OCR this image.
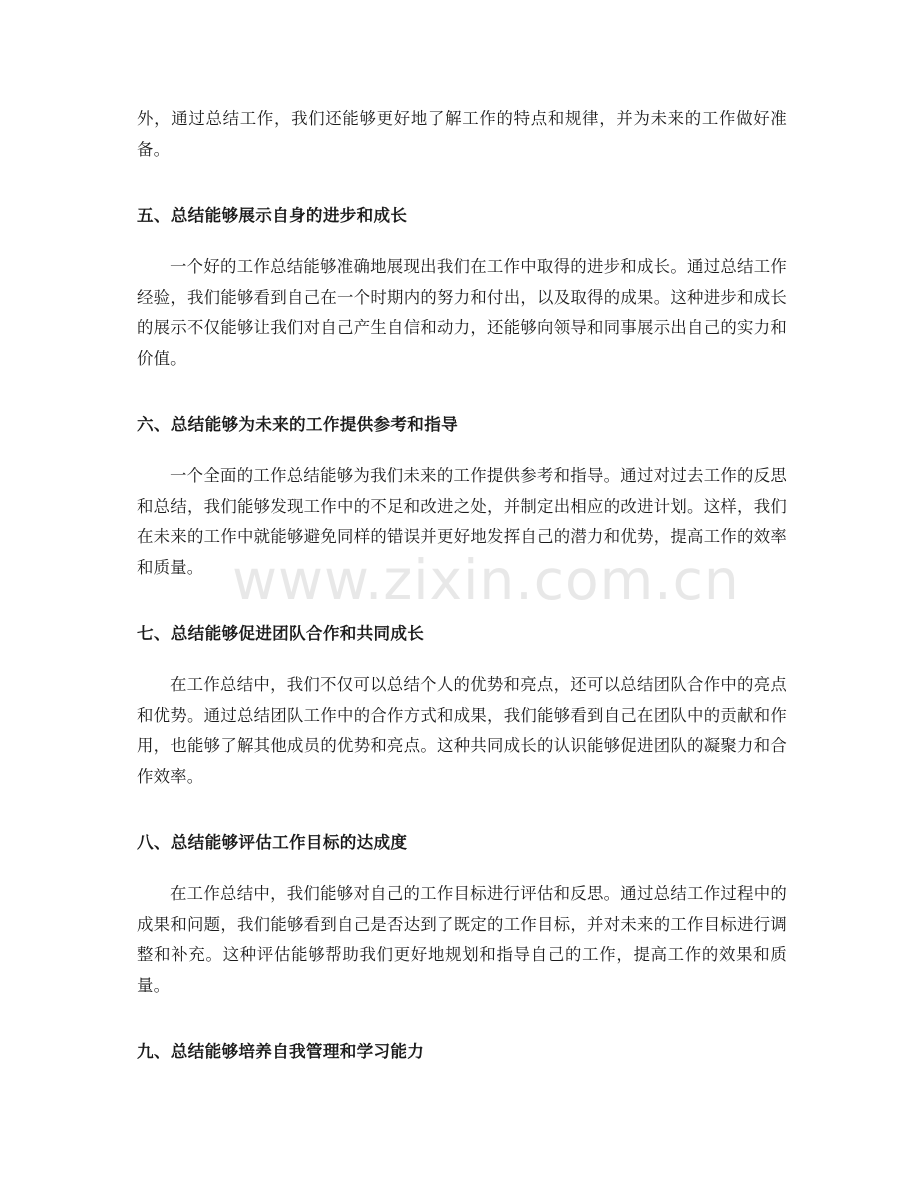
外，通过总结工作，我们还能够更好地了解工作的特点和规律，并为未来的工作做好准备。

五、总结能够展示自身的进步和成长

一个好的工作总结能够准确地展现出我们在工作中取得的进步和成长。通过总结工作经验，我们能够看到自己在一个时期内的努力和付出，以及取得的成果。这种进步和成长的展示不仅能够让我们对自己产生自信和动力，还能够向领导和同事展示出自己的实力和价值。

六、总结能够为未来的工作提供参考和指导

一个全面的工作总结能够为我们未来的工作提供参考和指导。通过对过去工作的反思和总结，我们能够发现工作中的不足和改进之处，并制定出相应的改进计划。这样，我们在未来的工作中就能够避免同样的错误并更好地发挥自己的潜力和优势，提高工作的效率和质量。

七、总结能够促进团队合作和共同成长

在工作总结中，我们不仅可以总结个人的优势和亮点，还可以总结团队合作中的亮点和优势。通过总结团队工作中的合作方式和成果，我们能够看到自己在团队中的贡献和作用，也能够了解其他成员的优势和亮点。这种共同成长的认识能够促进团队的凝聚力和合作效率。

八、总结能够评估工作目标的达成度

在工作总结中，我们能够对自己的工作目标进行评估和反思。通过总结工作过程中的成果和问题，我们能够看到自己是否达到了既定的工作目标，并对未来的工作目标进行调整和补充。这种评估能够帮助我们更好地规划和指导自己的工作，提高工作的效果和质量。

九、总结能够培养自我管理和学习能力
www.zixin.com.cn
